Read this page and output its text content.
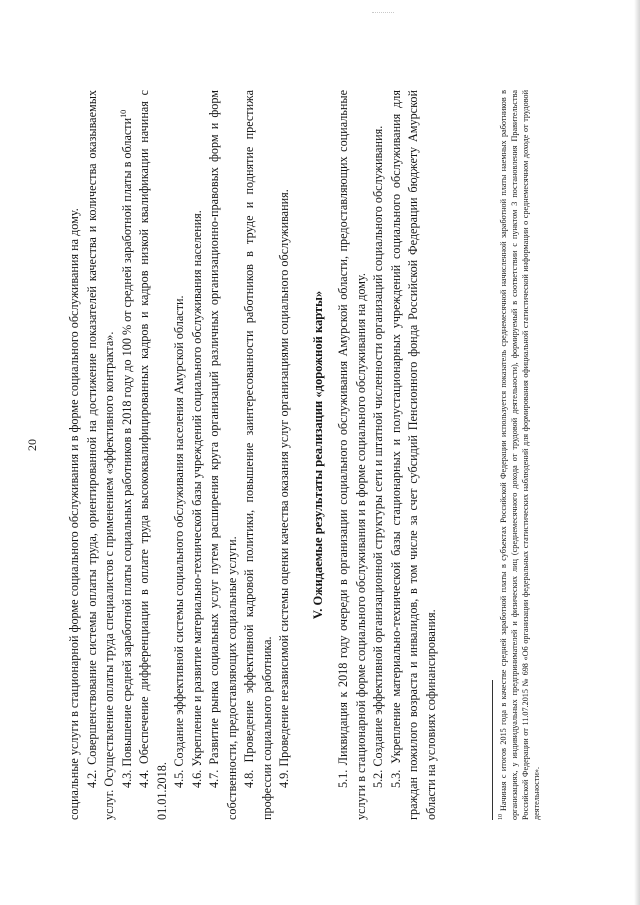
20 социальные услуги в стационарной форме социального обслуживания и в форме социального обслуживания на дому. 4.2. Совершенствование системы оплаты труда, ориентированной на достижение показателей качества и количества оказываемых услуг. Осуществление оплаты труда специалистов с применением «эффективного контракта». 4.3. Повышение средней заработной платы социальных работников в 2018 году до 100 % от средней заработной платы в области$^{10}$ 4.4. Обеспечение дифференциации в оплате труда высококвалифицированных кадров и кадров низкой квалификации начиная с 01.01.2018.

4.5. Создание эффективной системы социального обслуживания населения Амурской области. 4.6. Укрепление и развитие материально-технической базы учреждений социального обслуживания населения. 4.7. Развитие рынка социальных услуг путем расширения круга организаций различных организационно-правовых форм и форм собственности, предоставляющих социальные услуги. 4.8. Проведение эффективной кадровой политики, повышение заинтересованности работников в труде и поднятие престижа профессии социального работника. 4.9. Проведение независимой системы оценки качества оказания услуг организациями социального обслуживания. V. Ожидаемые результаты реализации «дорожной карты» 5.1. Ликвидация к 2018 году очереди в организации социального обслуживания Амурской области, предоставляющих социальные услуги в стационарной форме социального обслуживания и в форме социального обслуживания на дому. 5.2. Создание эффективной организационной структуры сети и штатной численности организаций социального обслуживания. 5.3. Укрепление материально-технической базы стационарных и полустационарных учреждений социального обслуживания для граждан пожилого возраста и инвалидов, в том числе за счет субсидий Пенсионного фонда Российской Федерации бюджету Амурской области на условиях софинансирования.	$^{10}$Начиная с итогов 2015 года в качестве средней заработной платы в субъектах Российской Федерации используется показатель среднемесячной начисленной заработной платы наемных работников в организациях, у индивидуальных предпринимателей и физических лиц (среднемесячного дохода от трудовой деятельности), формируемый в соответствии с пунктом 3 постановления Правительства Российской Федерации от 11.07.2015 № 698 «Об организации федеральных статистических наблюдений для формирования официальной статистической информации о среднемесячном доходе от трудовой деятельности».
